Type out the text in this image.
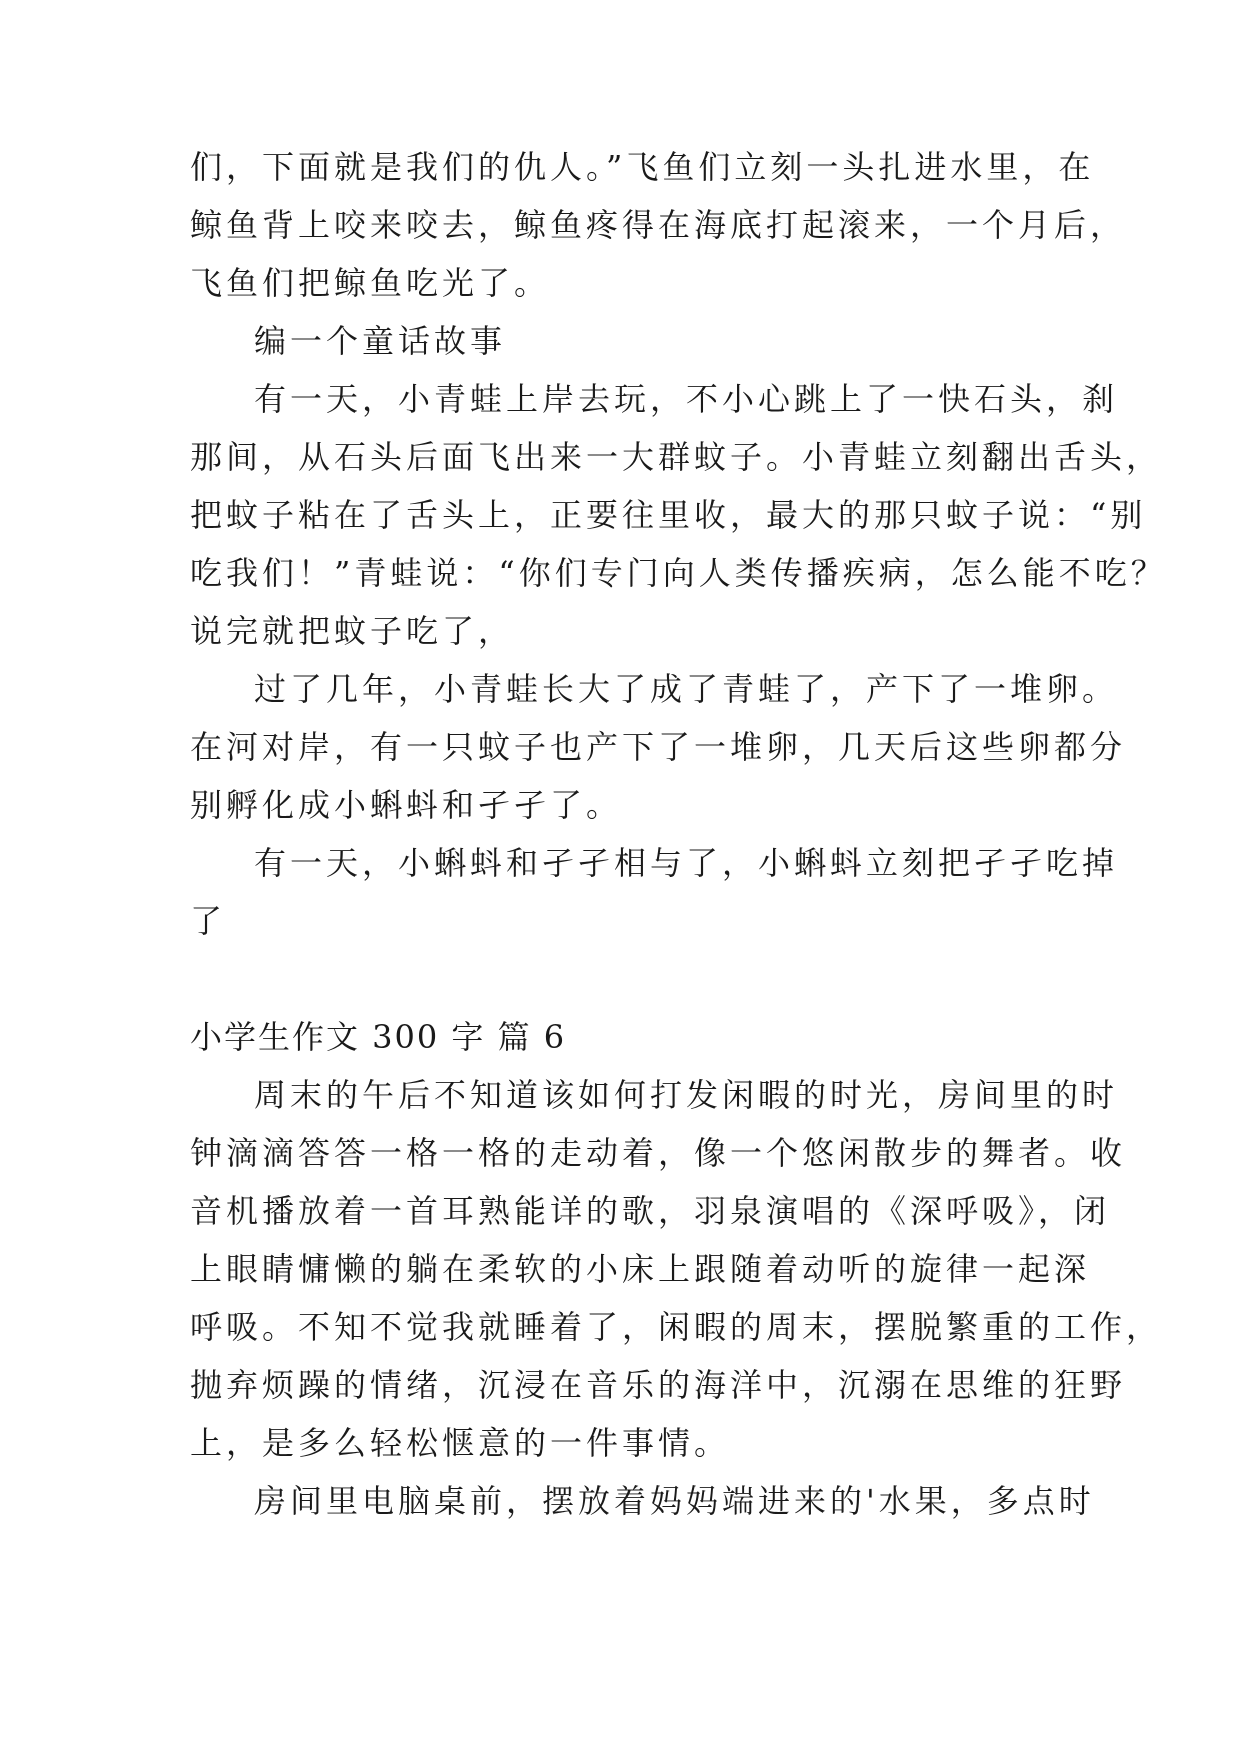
们，下面就是我们的仇人。”飞鱼们立刻一头扎进水里，在
鲸鱼背上咬来咬去，鲸鱼疼得在海底打起滚来，一个月后，
飞鱼们把鲸鱼吃光了。
编一个童话故事
有一天，小青蛙上岸去玩，不小心跳上了一快石头，刹
那间，从石头后面飞出来一大群蚊子。小青蛙立刻翻出舌头，
把蚊子粘在了舌头上，正要往里收，最大的那只蚊子说：“别
吃我们！”青蛙说：“你们专门向人类传播疾病，怎么能不吃？
说完就把蚊子吃了，
过了几年，小青蛙长大了成了青蛙了，产下了一堆卵。
在河对岸，有一只蚊子也产下了一堆卵，几天后这些卵都分
别孵化成小蝌蚪和孑孑了。
有一天，小蝌蚪和孑孑相与了，小蝌蚪立刻把孑孑吃掉
了
小学生作文 300 字 篇 6
周末的午后不知道该如何打发闲暇的时光，房间里的时
钟滴滴答答一格一格的走动着，像一个悠闲散步的舞者。收
音机播放着一首耳熟能详的歌，羽泉演唱的《深呼吸》，闭
上眼睛慵懒的躺在柔软的小床上跟随着动听的旋律一起深
呼吸。不知不觉我就睡着了，闲暇的周末，摆脱繁重的工作，
抛弃烦躁的情绪，沉浸在音乐的海洋中，沉溺在思维的狂野
上，是多么轻松惬意的一件事情。
房间里电脑桌前，摆放着妈妈端进来的'水果，多点时
